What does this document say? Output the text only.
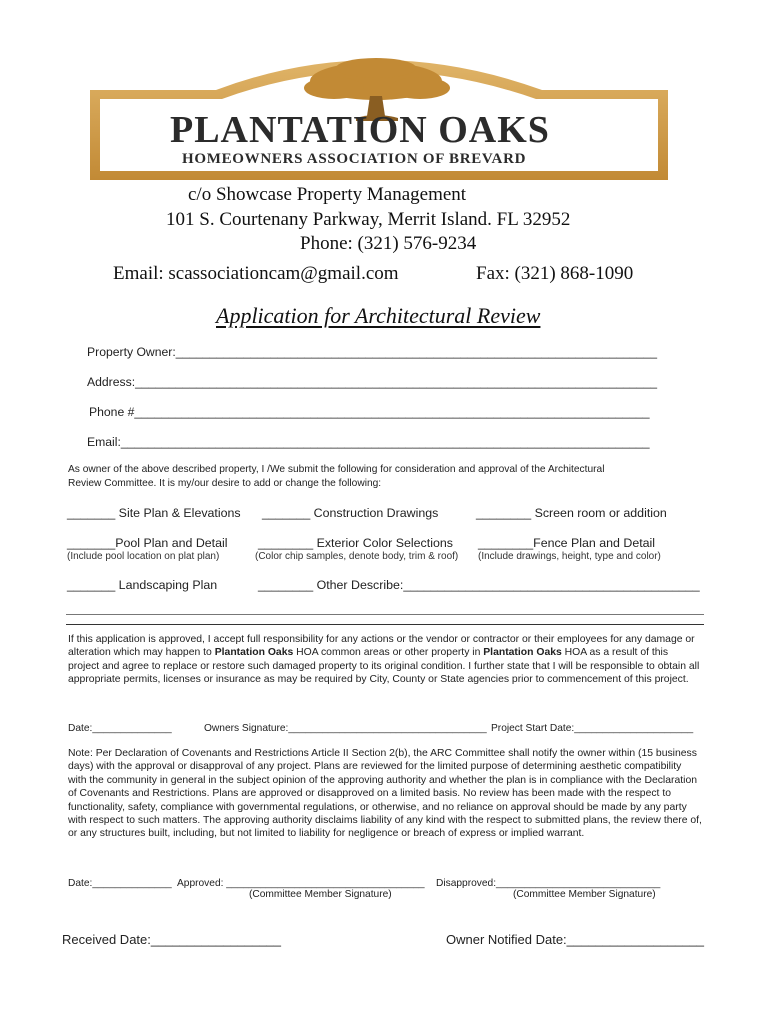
PLANTATION OAKS
HOMEOWNERS ASSOCIATION OF BREVARD
c/o Showcase Property Management
101 S. Courtenany Parkway, Merrit Island. FL 32952
Phone: (321) 576-9234
Email: scassociationcam@gmail.com	Fax: (321) 868-1090
Application for Architectural Review
Property Owner:_______________________________________________________________________
Address:_____________________________________________________________________________
Phone #____________________________________________________________________________
Email:______________________________________________________________________________
As owner of the above described property, I /We submit the following for consideration and approval of the Architectural
Review Committee. It is my/our desire to add or change the following:
_______ Site Plan & Elevations _______ Construction Drawings	________ Screen room or addition
_______Pool Plan and Detail
(Include pool location on plat plan)
________ Exterior Color Selections
(Color chip samples, denote body, trim & roof)
________Fence Plan and Detail
(Include drawings, height, type and color)
_______ Landscaping Plan	________ Other Describe:___________________________________________
If this application is approved, I accept full responsibility for any actions or the vendor or contractor or their employees for any damage or alteration which may happen to Plantation Oaks HOA common areas or other property in Plantation Oaks HOA as a result of this project and agree to replace or restore such damaged property to its original condition. I further state that I will be responsible to obtain all appropriate permits, licenses or insurance as may be required by City, County or State agencies prior to commencement of this project.
Date:______________	Owners Signature:___________________________________ Project Start Date:_____________________
Note: Per Declaration of Covenants and Restrictions Article II Section 2(b), the ARC Committee shall notify the owner within (15 business days) with the approval or disapproval of any project. Plans are reviewed for the limited purpose of determining aesthetic compatibility with the community in general in the subject opinion of the approving authority and whether the plan is in compliance with the Declaration of Covenants and Restrictions. Plans are approved or disapproved on a limited basis. No review has been made with the respect to functionality, safety, compliance with governmental regulations, or otherwise, and no reliance on approval should be made by any party with respect to such matters. The approving authority disclaims liability of any kind with the respect to submitted plans, the review there of, or any structures built, including, but not limited to liability for negligence or breach of express or implied warrant.
Date:______________ Approved: ___________________________________ Disapproved:_____________________________
(Committee Member Signature)	(Committee Member Signature)
Received Date:__________________	Owner Notified Date:___________________
